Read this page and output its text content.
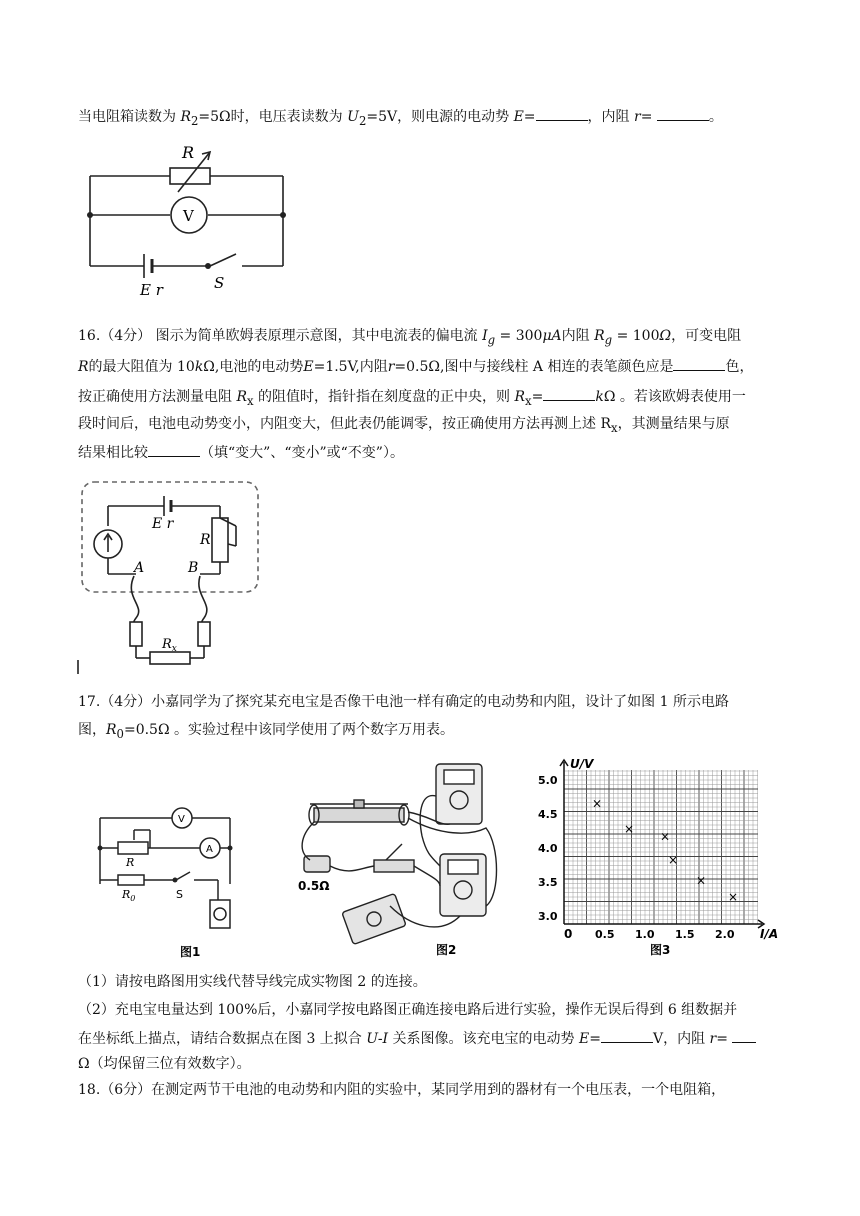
当电阻箱读数为 $R_2=5\Omega$时，电压表读数为 $U_2=5V$，则电源的电动势 E=	，内阻 r=	。
R
V
E r	S
16.（4分） 图示为简单欧姆表原理示意图，其中电流表的偏电流 $I_g = 300\mu A$内阻 $R_g = 100\Omega$，可变电阻
R的最大阻值为 10kΩ,电池的电动势E=1.5V,内阻r=0.5Ω,图中与接线柱 A 相连的表笔颜色应是	色，
按正确使用方法测量电阻 $R_x$ 的阻值时，指针指在刻度盘的正中央，则 $R_x=$	kΩ 。若该欧姆表使用一
段时间后，电池电动势变小，内阻变大，但此表仍能调零，按正确使用方法再测上述 $R_x$，其测量结果与原
结果相比较	（填“变大”、“变小”或“不变”）。
E r
R
A	B
$R_x$
17.（4分）小嘉同学为了探究某充电宝是否像干电池一样有确定的电动势和内阻，设计了如图 1 所示电路
图，$R_0=0.5\Omega$ 。实验过程中该同学使用了两个数字万用表。
V
A
R
$R_0$	S
图1
0.5Ω
图2
5.0
4.5
4.0
3.5
3.0
0.5 1.0 1.5 2.0
×
×
×
×
×
×
U/V
I/A
0
图3
（1）请按电路图用实线代替导线完成实物图 2 的连接。
（2）充电宝电量达到 100%后，小嘉同学按电路图正确连接电路后进行实验，操作无误后得到 6 组数据并
在坐标纸上描点，请结合数据点在图 3 上拟合 U-I 关系图像。该充电宝的电动势 E=	V，内阻 r=
Ω（均保留三位有效数字）。
18.（6分）在测定两节干电池的电动势和内阻的实验中，某同学用到的器材有一个电压表，一个电阻箱，
